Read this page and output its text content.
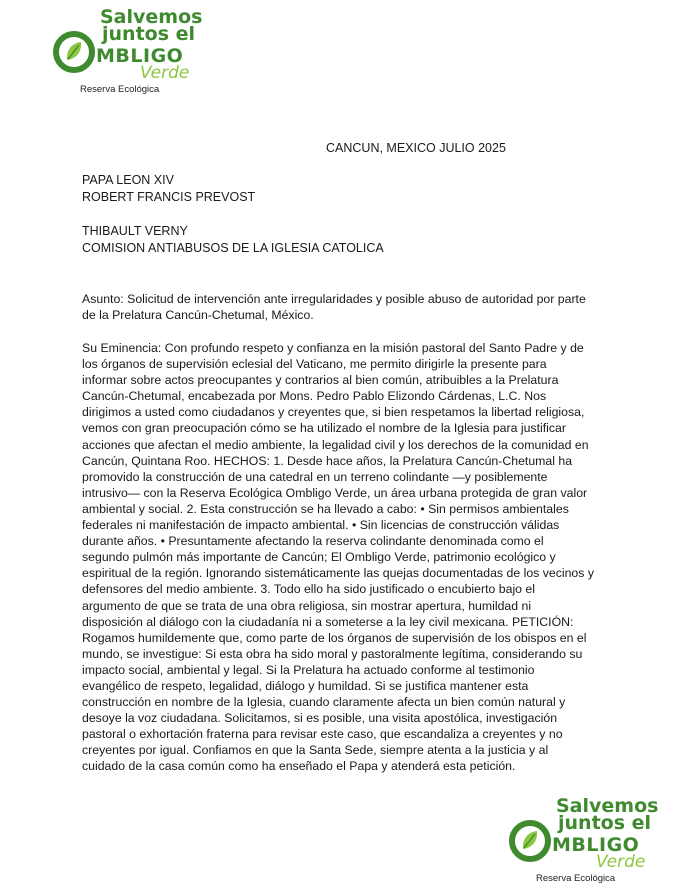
Salvemos
juntos el
MBLIGO
Verde
Reserva Ecológica
CANCUN, MEXICO JULIO 2025
PAPA LEON XIV
ROBERT FRANCIS PREVOST
THIBAULT VERNY
COMISION ANTIABUSOS DE LA IGLESIA CATOLICA
Asunto: Solicitud de intervención ante irregularidades y posible abuso de autoridad por parte de la Prelatura Cancún-Chetumal, México.
Su Eminencia: Con profundo respeto y confianza en la misión pastoral del Santo Padre y de los órganos de supervisión eclesial del Vaticano, me permito dirigirle la presente para informar sobre actos preocupantes y contrarios al bien común, atribuibles a la Prelatura Cancún-Chetumal, encabezada por Mons. Pedro Pablo Elizondo Cárdenas, L.C. Nos dirigimos a usted como ciudadanos y creyentes que, si bien respetamos la libertad religiosa, vemos con gran preocupación cómo se ha utilizado el nombre de la Iglesia para justificar acciones que afectan el medio ambiente, la legalidad civil y los derechos de la comunidad en Cancún, Quintana Roo. HECHOS: 1. Desde hace años, la Prelatura Cancún-Chetumal ha promovido la construcción de una catedral en un terreno colindante —y posiblemente intrusivo— con la Reserva Ecológica Ombligo Verde, un área urbana protegida de gran valor ambiental y social. 2. Esta construcción se ha llevado a cabo: • Sin permisos ambientales federales ni manifestación de impacto ambiental. • Sin licencias de construcción válidas durante años. • Presuntamente afectando la reserva colindante denominada como el segundo pulmón más importante de Cancún; El Ombligo Verde, patrimonio ecológico y espiritual de la región. Ignorando sistemáticamente las quejas documentadas de los vecinos y defensores del medio ambiente. 3. Todo ello ha sido justificado o encubierto bajo el argumento de que se trata de una obra religiosa, sin mostrar apertura, humildad ni disposición al diálogo con la ciudadanía ni a someterse a la ley civil mexicana. PETICIÓN: Rogamos humildemente que, como parte de los órganos de supervisión de los obispos en el mundo, se investigue: Si esta obra ha sido moral y pastoralmente legítima, considerando su impacto social, ambiental y legal. Si la Prelatura ha actuado conforme al testimonio evangélico de respeto, legalidad, diálogo y humildad. Si se justifica mantener esta construcción en nombre de la Iglesia, cuando claramente afecta un bien común natural y desoye la voz ciudadana. Solicitamos, si es posible, una visita apostólica, investigación pastoral o exhortación fraterna para revisar este caso, que escandaliza a creyentes y no creyentes por igual. Confiamos en que la Santa Sede, siempre atenta a la justicia y al cuidado de la casa común como ha enseñado el Papa y atenderá esta petición.
Salvemos
juntos el
MBLIGO
Verde
Reserva Ecológica
